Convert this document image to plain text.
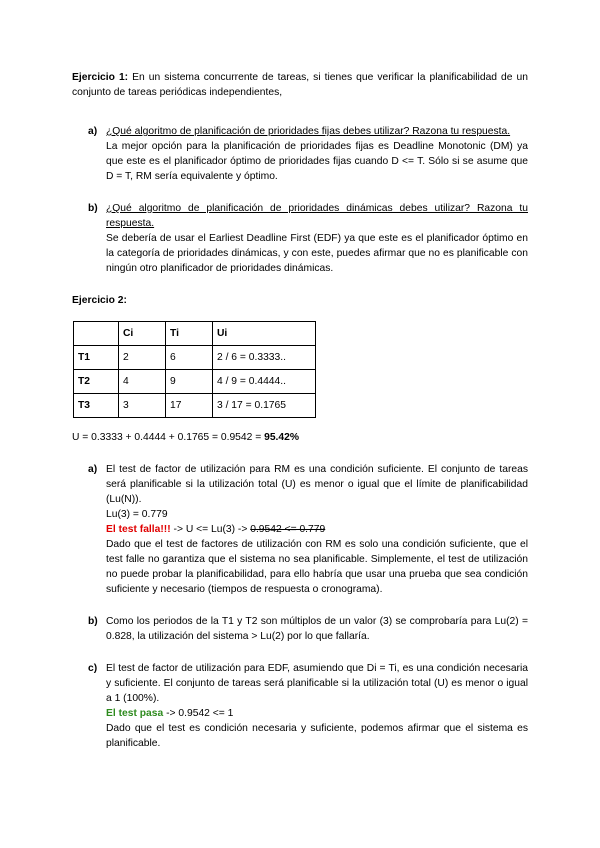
Ejercicio 1: En un sistema concurrente de tareas, si tienes que verificar la planificabilidad de un conjunto de tareas periódicas independientes,

a) ¿Qué algoritmo de planificación de prioridades fijas debes utilizar? Razona tu respuesta.

La mejor opción para la planificación de prioridades fijas es Deadline Monotonic (DM) ya que este es el planificador óptimo de prioridades fijas cuando D <= T. Sólo si se asume que D = T, RM sería equivalente y óptimo.

b) ¿Qué algoritmo de planificación de prioridades dinámicas debes utilizar? Razona tu respuesta.

Se debería de usar el Earliest Deadline First (EDF) ya que este es el planificador óptimo en la categoría de prioridades dinámicas, y con este, puedes afirmar que no es planificable con ningún otro planificador de prioridades dinámicas.

Ejercicio 2:

	Ci	Ti	Ui
T1	2	6	2 / 6 = 0.3333..
T2	4	9	4 / 9 = 0.4444..
T3	3	17	3 / 17 = 0.1765

U = 0.3333 + 0.4444 + 0.1765 = 0.9542 = 95.42%

a) El test de factor de utilización para RM es una condición suficiente. El conjunto de tareas será planificable si la utilización total (U) es menor o igual que el límite de planificabilidad (Lu(N)).

Lu(3) = 0.779

El test falla!!! -> U <= Lu(3) -> 0.9542 <= 0.779

Dado que el test de factores de utilización con RM es solo una condición suficiente, que el test falle no garantiza que el sistema no sea planificable. Simplemente, el test de utilización no puede probar la planificabilidad, para ello habría que usar una prueba que sea condición suficiente y necesario (tiempos de respuesta o cronograma).

b) Como los periodos de la T1 y T2 son múltiplos de un valor (3) se comprobaría para Lu(2) = 0.828, la utilización del sistema > Lu(2) por lo que fallaría.

c) El test de factor de utilización para EDF, asumiendo que Di = Ti, es una condición necesaria y suficiente. El conjunto de tareas será planificable si la utilización total (U) es menor o igual a 1 (100%).

El test pasa -> 0.9542 <= 1

Dado que el test es condición necesaria y suficiente, podemos afirmar que el sistema es planificable.
